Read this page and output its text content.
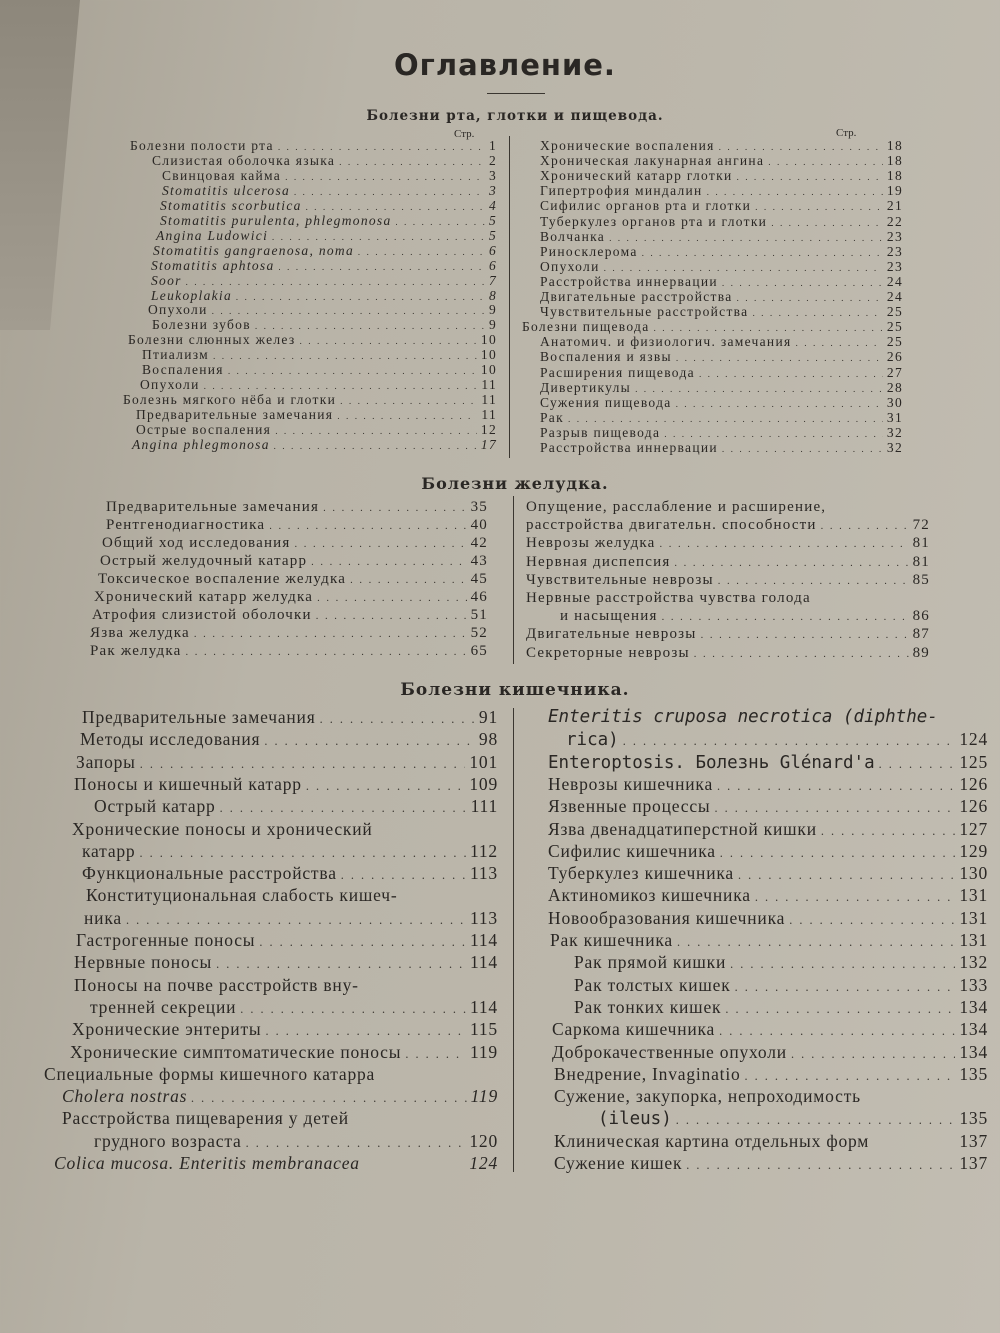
Оглавление.
Болезни рта, глотки и пищевода.
Стр.	Стр.
Болезни полости рта . . .	1
Слизистая оболочка языка . . .	2
Свинцовая кайма . . .	3
Stomatitis ulcerosa . . .	3
Stomatitis scorbutica . . .	4
Stomatitis purulenta, phlegmonosa . . .	5
Angina Ludowici . . .	5
Stomatitis gangraenosa, noma . . .	6
Stomatitis aphtosa . . .	6
Soor . . .	7
Leukoplakia . . .	8
Опухоли . . .	9
Болезни зубов . . .	9
Болезни слюнных желез . . .	10
Птиализм . . .	10
Воспаления . . .	10
Опухоли . . .	11
Болезнь мягкого нёба и глотки . . .	11
Предварительные замечания . . .	11
Острые воспаления . . .	12
Angina phlegmonosa . . .	17
Хронические воспаления . . .	18
Хроническая лакунарная ангина . . .	18
Хронический катарр глотки . . .	18
Гипертрофия миндалин . . .	19
Сифилис органов рта и глотки . . .	21
Туберкулез органов рта и глотки . . .	22
Волчанка . . .	23
Риносклерома . . .	23
Опухоли . . .	23
Расстройства иннервации . . .	24
Двигательные расстройства . . .	24
Чувствительные расстройства . . .	25
Болезни пищевода . . .	25
Анатомич. и физиологич. замечания . . .	25
Воспаления и язвы . . .	26
Расширения пищевода . . .	27
Дивертикулы . . .	28
Сужения пищевода . . .	30
Рак . . .	31
Разрыв пищевода . . .	32
Расстройства иннервации . . .	32
Болезни желудка.
Предварительные замечания . . .	35
Рентгенодиагностика . . .	40
Общий ход исследования . . .	42
Острый желудочный катарр . . .	43
Токсическое воспаление желудка . . .	45
Хронический катарр желудка . . .	46
Атрофия слизистой оболочки . . .	51
Язва желудка . . .	52
Рак желудка . . .	65
Опущение, расслабление и расширение,
расстройства двигательн. способности . . .	72
Неврозы желудка . . .	81
Нервная диспепсия . . .	81
Чувствительные неврозы . . .	85
Нервные расстройства чувства голода
и насыщения . . .	86
Двигательные неврозы . . .	87
Секреторные неврозы . . .	89
Болезни кишечника.
Предварительные замечания . . .	91
Методы исследования . . .	98
Запоры . . .	101
Поносы и кишечный катарр . . .	109
Острый катарр . . .	111
Хронические поносы и хронический
катарр . . .	112
Функциональные расстройства . . .	113
Конституциональная слабость кишеч-
ника . . .	113
Гастрогенные поносы . . .	114
Нервные поносы . . .	114
Поносы на почве расстройств вну-
тренней секреции . . .	114
Хронические энтериты . . .	115
Хронические симптоматические поносы . . .	119
Специальные формы кишечного катарра
Cholera nostras . . .	119
Расстройства пищеварения у детей
грудного возраста . . .	120
Colica mucosa. Enteritis membranacea	124
Enteritis cruposa necrotica (diphthe-
rica) . . .	124
Enteroptosis. Болезнь Glénard'a . . .	125
Неврозы кишечника . . .	126
Язвенные процессы . . .	126
Язва двенадцатиперстной кишки . . .	127
Сифилис кишечника . . .	129
Туберкулез кишечника . . .	130
Актиномикоз кишечника . . .	131
Новообразования кишечника . . .	131
Рак кишечника . . .	131
Рак прямой кишки . . .	132
Рак толстых кишек . . .	133
Рак тонких кишек . . .	134
Саркома кишечника . . .	134
Доброкачественные опухоли . . .	134
Внедрение, Invaginatio . . .	135
Сужение, закупорка, непроходимость
(ileus) . . .	135
Клиническая картина отдельных форм	137
Сужение кишек . . .	137
